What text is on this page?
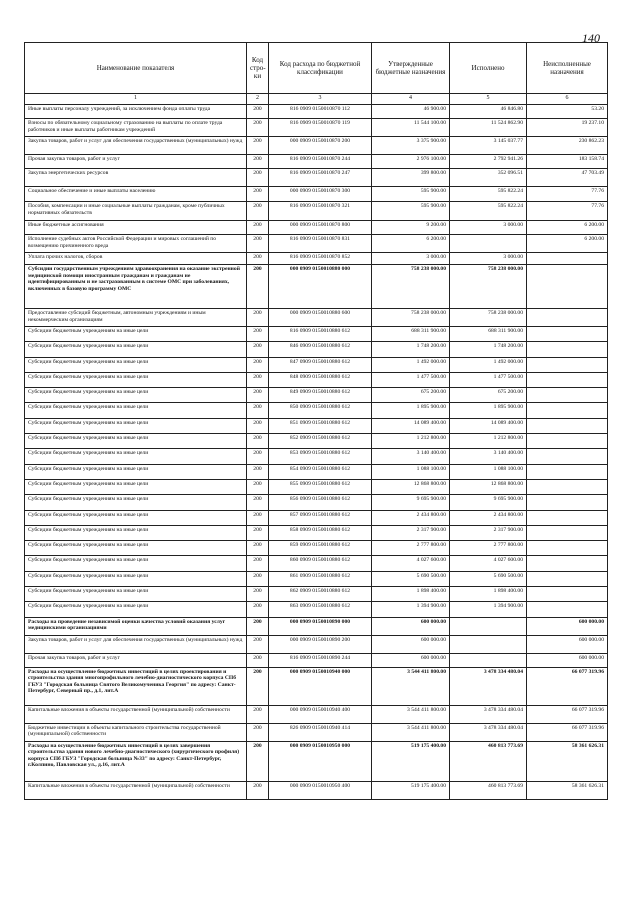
140
Наименование показателя	Код стро-ки	Код расхода по бюджетной классификации	Утвержденные бюджетные назначения	Исполнено	Неисполненные назначения
1	2	3	4	5	6
Иные выплаты персоналу учреждений, за исключением фонда оплаты труда	200	816 0909 0150010870 112	46 900.00	46 846.80	53.20
Взносы по обязательному социальному страхованию на выплаты по оплате труда работников и иные выплаты работникам учреждений	200	816 0909 0150010870 119	11 544 100.00	11 524 862.90	19 237.10
Закупка товаров, работ и услуг для обеспечения государственных (муниципальных) нужд	200	000 0909 0150010870 200	3 375 900.00	3 145 037.77	230 862.23
Прочая закупка товаров, работ и услуг	200	816 0909 0150010870 244	2 976 100.00	2 792 941.26	183 158.74
Закупка энергетических ресурсов	200	816 0909 0150010870 247	399 800.00	352 096.51	47 703.49
Социальное обеспечение и иные выплаты населению	200	000 0909 0150010870 300	595 900.00	595 822.24	77.76
Пособия, компенсации и иные социальные выплаты гражданам, кроме публичных нормативных обязательств	200	816 0909 0150010870 321	595 900.00	595 822.24	77.76
Иные бюджетные ассигнования	200	000 0909 0150010870 800	9 200.00	3 000.00	6 200.00
Исполнение судебных актов Российской Федерации и мировых соглашений по возмещению причиненного вреда	200	816 0909 0150010870 831	6 200.00		6 200.00
Уплата прочих налогов, сборов	200	816 0909 0150010870 852	3 000.00	3 000.00	
Субсидии государственным учреждениям здравоохранения на оказание экстренной медицинской помощи иностранным гражданам и гражданам не идентифицированным и не застрахованным в системе ОМС при заболеваниях, включенных в базовую программу ОМС	200	000 0909 0150010880 000	758 238 000.00	758 238 000.00	
Предоставление субсидий бюджетным, автономным учреждениям и иным некоммерческим организациям	200	000 0909 0150010880 600	758 238 000.00	758 238 000.00	
Субсидии бюджетным учреждениям на иные цели	200	816 0909 0150010880 612	688 311 900.00	688 311 900.00	
Субсидии бюджетным учреждениям на иные цели	200	846 0909 0150010880 612	1 748 200.00	1 748 200.00	
Субсидии бюджетным учреждениям на иные цели	200	847 0909 0150010880 612	1 492 000.00	1 492 000.00	
Субсидии бюджетным учреждениям на иные цели	200	848 0909 0150010880 612	1 477 500.00	1 477 500.00	
Субсидии бюджетным учреждениям на иные цели	200	849 0909 0150010880 612	675 200.00	675 200.00	
Субсидии бюджетным учреждениям на иные цели	200	850 0909 0150010880 612	1 895 900.00	1 895 900.00	
Субсидии бюджетным учреждениям на иные цели	200	851 0909 0150010880 612	14 089 400.00	14 089 400.00	
Субсидии бюджетным учреждениям на иные цели	200	852 0909 0150010880 612	1 212 800.00	1 212 800.00	
Субсидии бюджетным учреждениям на иные цели	200	853 0909 0150010880 612	3 140 400.00	3 140 400.00	
Субсидии бюджетным учреждениям на иные цели	200	854 0909 0150010880 612	1 088 100.00	1 088 100.00	
Субсидии бюджетным учреждениям на иные цели	200	855 0909 0150010880 612	12 868 800.00	12 868 800.00	
Субсидии бюджетным учреждениям на иные цели	200	856 0909 0150010880 612	9 695 900.00	9 695 900.00	
Субсидии бюджетным учреждениям на иные цели	200	857 0909 0150010880 612	2 434 800.00	2 434 800.00	
Субсидии бюджетным учреждениям на иные цели	200	858 0909 0150010880 612	2 317 900.00	2 317 900.00	
Субсидии бюджетным учреждениям на иные цели	200	859 0909 0150010880 612	2 777 800.00	2 777 800.00	
Субсидии бюджетным учреждениям на иные цели	200	860 0909 0150010880 612	4 027 600.00	4 027 600.00	
Субсидии бюджетным учреждениям на иные цели	200	861 0909 0150010880 612	5 690 500.00	5 690 500.00	
Субсидии бюджетным учреждениям на иные цели	200	862 0909 0150010880 612	1 898 400.00	1 898 400.00	
Субсидии бюджетным учреждениям на иные цели	200	863 0909 0150010880 612	1 394 900.00	1 394 900.00	
Расходы на проведение независимой оценки качества условий оказания услуг медицинскими организациями	200	000 0909 0150010890 000	600 000.00		600 000.00
Закупка товаров, работ и услуг для обеспечения государственных (муниципальных) нужд	200	000 0909 0150010890 200	600 000.00		600 000.00
Прочая закупка товаров, работ и услуг	200	816 0909 0150010890 244	600 000.00		600 000.00
Расходы на осуществление бюджетных инвестиций в целях проектирования и строительства здания многопрофильного лечебно-диагностического корпуса СПб ГБУЗ "Городская больница Святого Великомученика Георгия" по адресу: Санкт-Петербург, Северный пр., д.1, лит.А	200	000 0909 0150010940 000	3 544 411 800.00	3 478 334 480.04	66 077 319.96
Капитальные вложения в объекты государственной (муниципальной) собственности	200	000 0909 0150010940 400	3 544 411 800.00	3 478 334 480.04	66 077 319.96
Бюджетные инвестиции в объекты капитального строительства государственной (муниципальной) собственности	200	826 0909 0150010940 414	3 544 411 800.00	3 478 334 480.04	66 077 319.96
Расходы на осуществление бюджетных инвестиций в целях завершения строительства здания нового лечебно-диагностического (хирургического профиля) корпуса СПб ГБУЗ "Городская больница №33" по адресу: Санкт-Петербург, г.Колпино, Павловская ул., д.16, лит.А	200	000 0909 0150010950 000	519 175 400.00	460 813 773.69	58 361 626.31
Капитальные вложения в объекты государственной (муниципальной) собственности	200	000 0909 0150010950 400	519 175 400.00	460 813 773.69	58 361 626.31
